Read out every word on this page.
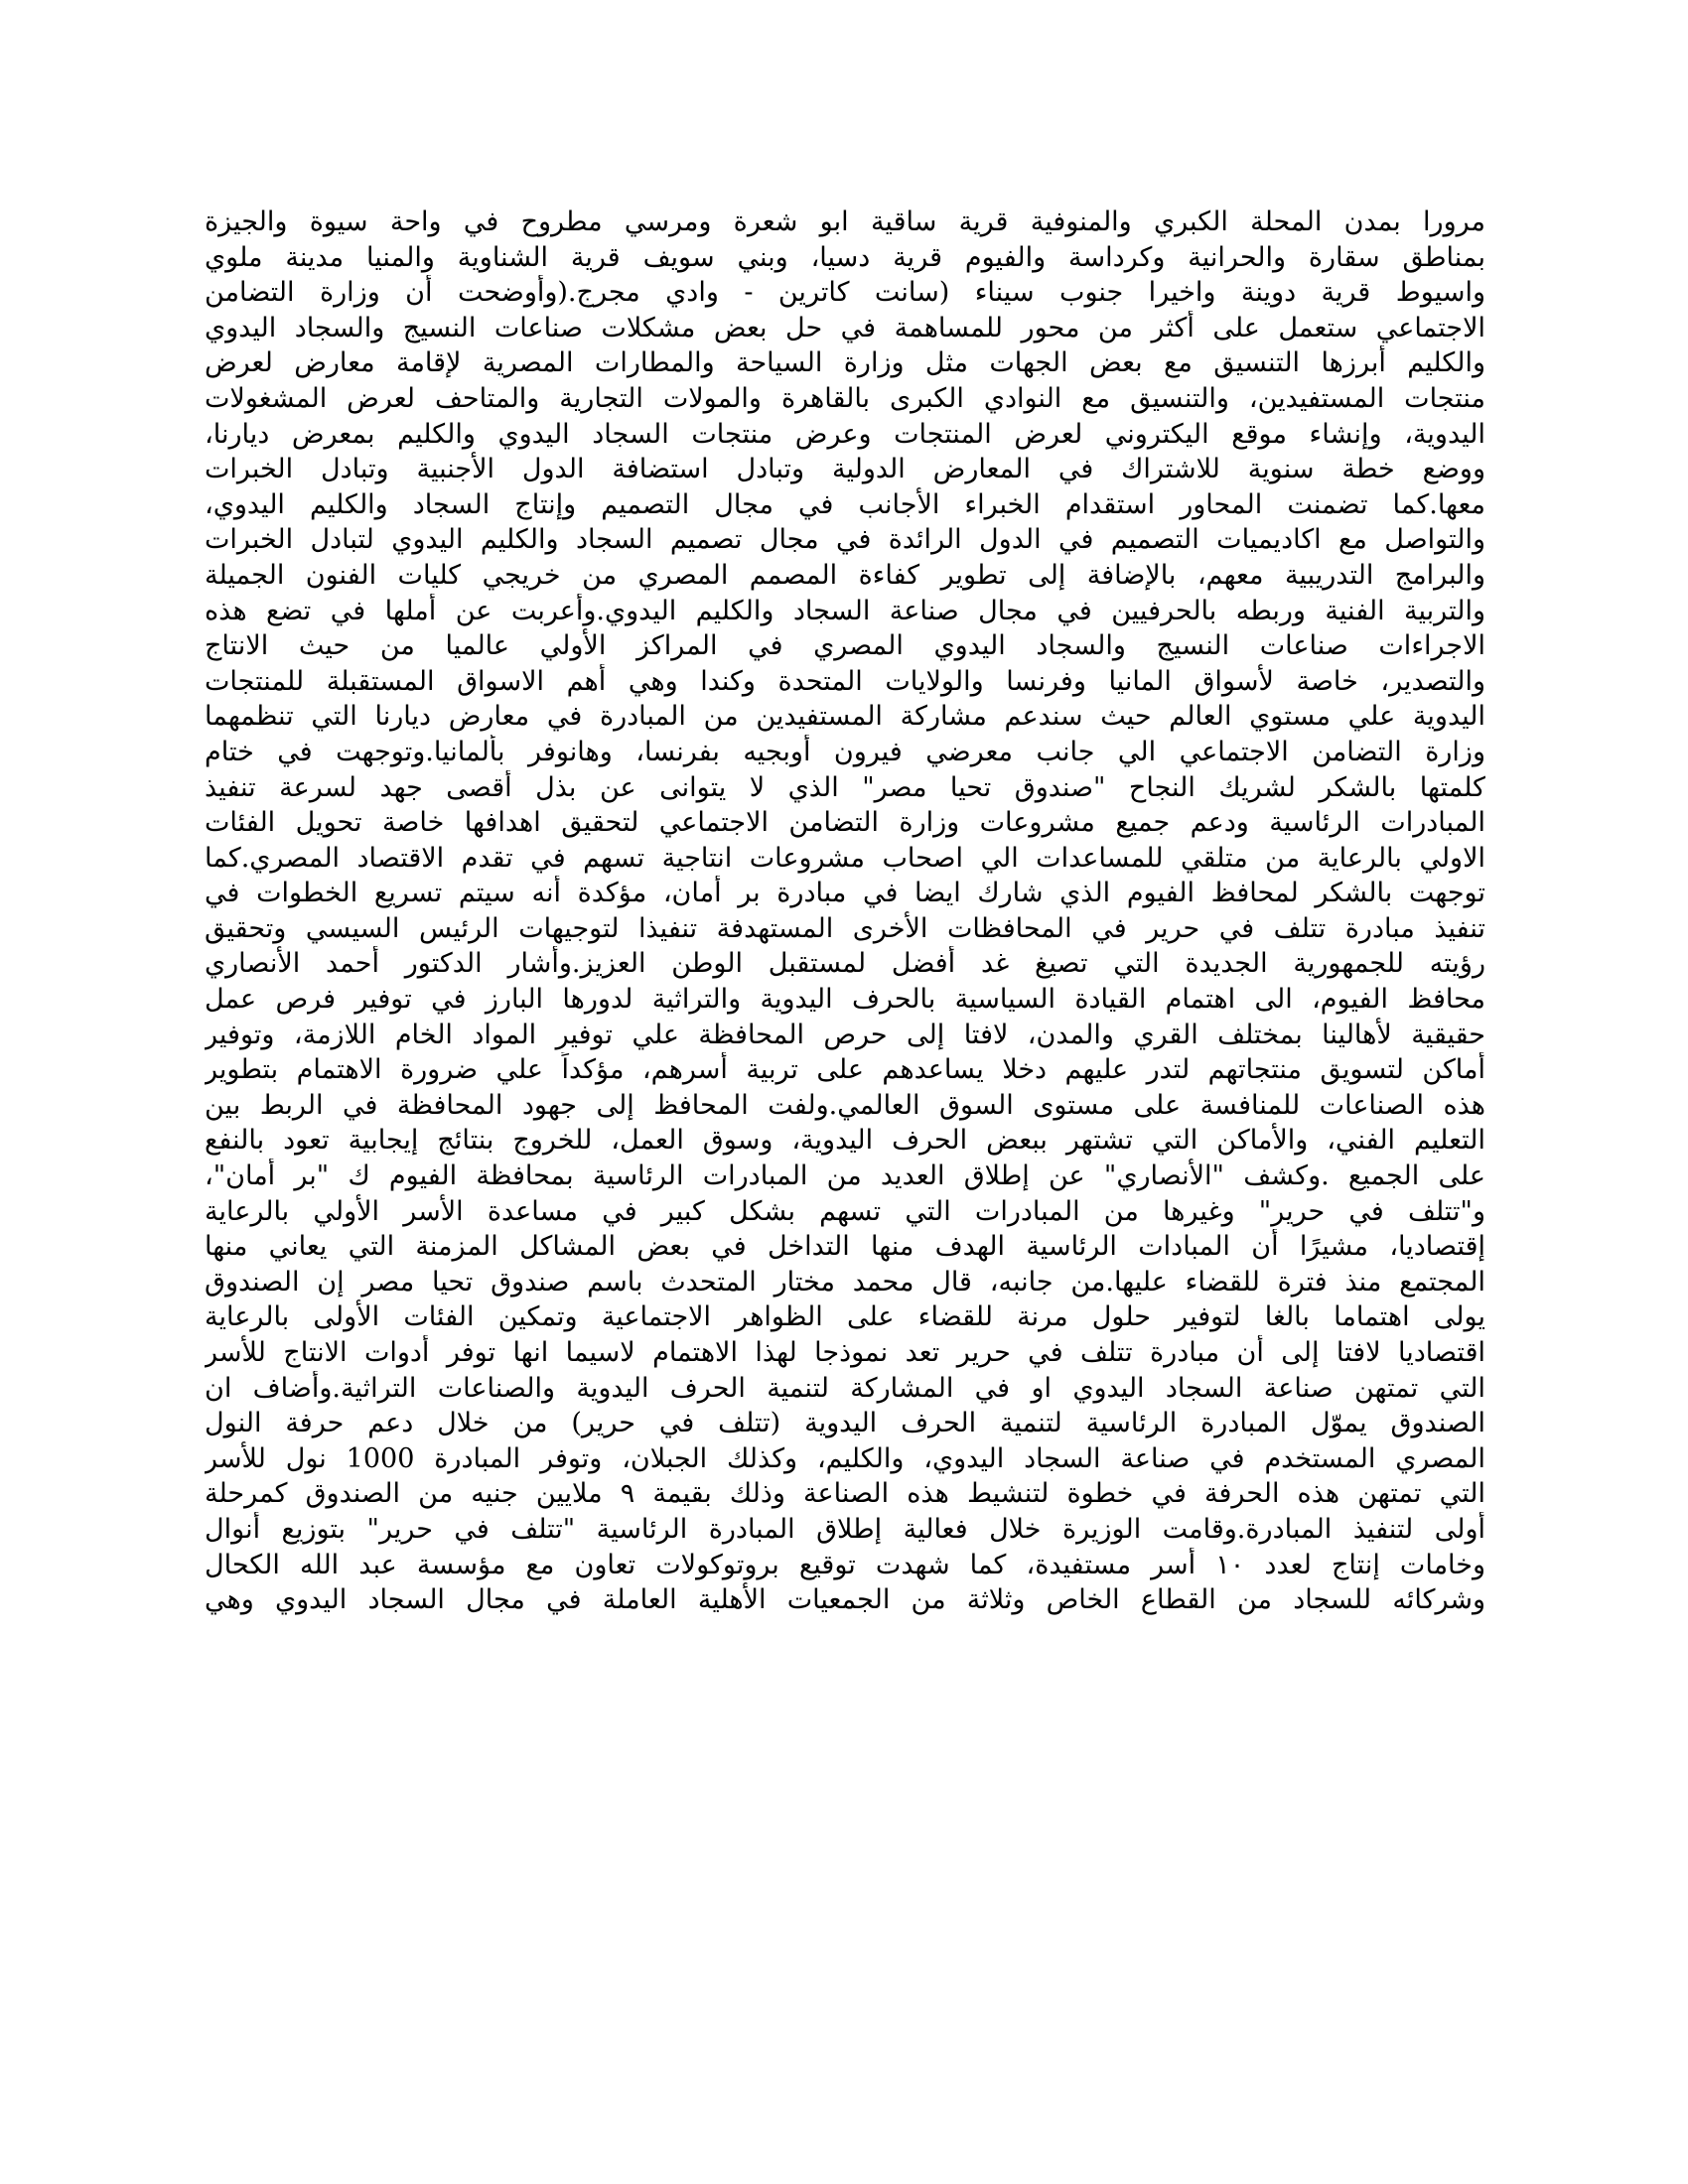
مرورا بمدن المحلة الكبري والمنوفية قرية ساقية ابو شعرة ومرسي مطروح في واحة سيوة والجيزة
بمناطق سقارة والحرانية وكرداسة والفيوم قرية دسيا، وبني سويف قرية الشناوية والمنيا مدينة ملوي
واسيوط قرية دوينة واخيرا جنوب سيناء (سانت كاترين - وادي مجرج.(وأوضحت أن وزارة التضامن
الاجتماعي ستعمل على أكثر من محور للمساهمة في حل بعض مشكلات صناعات النسيج والسجاد اليدوي
والكليم أبرزها التنسيق مع بعض الجهات مثل وزارة السياحة والمطارات المصرية لإقامة معارض لعرض
منتجات المستفيدين، والتنسيق مع النوادي الكبرى بالقاهرة والمولات التجارية والمتاحف لعرض المشغولات
اليدوية، وإنشاء موقع اليكتروني لعرض المنتجات وعرض منتجات السجاد اليدوي والكليم بمعرض ديارنا،
ووضع خطة سنوية للاشتراك في المعارض الدولية وتبادل استضافة الدول الأجنبية وتبادل الخبرات
معها.كما تضمنت المحاور استقدام الخبراء الأجانب في مجال التصميم وإنتاج السجاد والكليم اليدوي،
والتواصل مع اكاديميات التصميم في الدول الرائدة في مجال تصميم السجاد والكليم اليدوي لتبادل الخبرات
والبرامج التدريبية معهم، بالإضافة إلى تطوير كفاءة المصمم المصري من خريجي كليات الفنون الجميلة
والتربية الفنية وربطه بالحرفيين في مجال صناعة السجاد والكليم اليدوي.وأعربت عن أملها في تضع هذه
الاجراءات صناعات النسيج والسجاد اليدوي المصري في المراكز الأولي عالميا من حيث الانتاج
والتصدير، خاصة لأسواق المانيا وفرنسا والولايات المتحدة وكندا وهي أهم الاسواق المستقبلة للمنتجات
اليدوية علي مستوي العالم حيث سندعم مشاركة المستفيدين من المبادرة في معارض ديارنا التي تنظمهما
وزارة التضامن الاجتماعي الي جانب معرضي فيرون أوبجيه بفرنسا، وهانوفر بألمانيا.وتوجهت في ختام
كلمتها بالشكر لشريك النجاح "صندوق تحيا مصر" الذي لا يتوانى عن بذل أقصى جهد لسرعة تنفيذ
المبادرات الرئاسية ودعم جميع مشروعات وزارة التضامن الاجتماعي لتحقيق اهدافها خاصة تحويل الفئات
الاولي بالرعاية من متلقي للمساعدات الي اصحاب مشروعات انتاجية تسهم في تقدم الاقتصاد المصري.كما
توجهت بالشكر لمحافظ الفيوم الذي شارك ايضا في مبادرة بر أمان، مؤكدة أنه سيتم تسريع الخطوات في
تنفيذ مبادرة تتلف في حرير في المحافظات الأخرى المستهدفة تنفيذا لتوجيهات الرئيس السيسي وتحقيق
رؤيته للجمهورية الجديدة التي تصيغ غد أفضل لمستقبل الوطن العزيز.وأشار الدكتور أحمد الأنصاري
محافظ الفيوم، الى اهتمام القيادة السياسية بالحرف اليدوية والتراثية لدورها البارز في توفير فرص عمل
حقيقية لأهالينا بمختلف القري والمدن، لافتا إلى حرص المحافظة علي توفير المواد الخام اللازمة، وتوفير
أماكن لتسويق منتجاتهم لتدر عليهم دخلا يساعدهم على تربية أسرهم، مؤكداً علي ضرورة الاهتمام بتطوير
هذه الصناعات للمنافسة على مستوى السوق العالمي.ولفت المحافظ إلى جهود المحافظة في الربط بين
التعليم الفني، والأماكن التي تشتهر ببعض الحرف اليدوية، وسوق العمل، للخروج بنتائج إيجابية تعود بالنفع
على الجميع .وكشف "الأنصاري" عن إطلاق العديد من المبادرات الرئاسية بمحافظة الفيوم ك "بر أمان"،
و"تتلف في حرير" وغيرها من المبادرات التي تسهم بشكل كبير في مساعدة الأسر الأولي بالرعاية
إقتصاديا، مشيرًا أن المبادات الرئاسية الهدف منها التداخل في بعض المشاكل المزمنة التي يعاني منها
المجتمع منذ فترة للقضاء عليها.من جانبه، قال محمد مختار المتحدث باسم صندوق تحيا مصر إن الصندوق
يولى اهتماما بالغا لتوفير حلول مرنة للقضاء على الظواهر الاجتماعية وتمكين الفئات الأولى بالرعاية
اقتصاديا لافتا إلى أن مبادرة تتلف في حرير تعد نموذجا لهذا الاهتمام لاسيما انها توفر أدوات الانتاج للأسر
التي تمتهن صناعة السجاد اليدوي او في المشاركة لتنمية الحرف اليدوية والصناعات التراثية.وأضاف ان
الصندوق يموّل المبادرة الرئاسية لتنمية الحرف اليدوية (تتلف في حرير) من خلال دعم حرفة النول
المصري المستخدم في صناعة السجاد اليدوي، والكليم، وكذلك الجبلان، وتوفر المبادرة 1000 نول للأسر
التي تمتهن هذه الحرفة في خطوة لتنشيط هذه الصناعة وذلك بقيمة ٩ ملايين جنيه من الصندوق كمرحلة
أولى لتنفيذ المبادرة.وقامت الوزيرة خلال فعالية إطلاق المبادرة الرئاسية "تتلف في حرير" بتوزيع أنوال
وخامات إنتاج لعدد ١٠ أسر مستفيدة، كما شهدت توقيع بروتوكولات تعاون مع مؤسسة عبد الله الكحال
وشركائه للسجاد من القطاع الخاص وثلاثة من الجمعيات الأهلية العاملة في مجال السجاد اليدوي وهي
